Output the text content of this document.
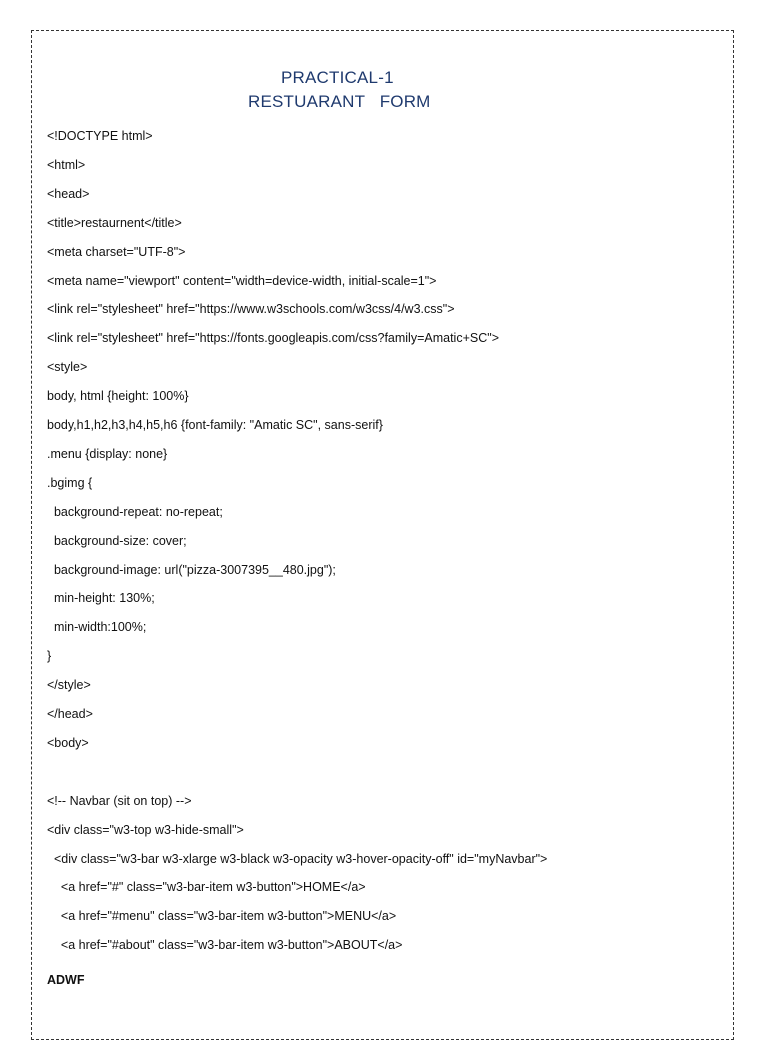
PRACTICAL-1
RESTUARANT   FORM
<!DOCTYPE html>
<html>
<head>
<title>restaurnent</title>
<meta charset="UTF-8">
<meta name="viewport" content="width=device-width, initial-scale=1">
<link rel="stylesheet" href="https://www.w3schools.com/w3css/4/w3.css">
<link rel="stylesheet" href="https://fonts.googleapis.com/css?family=Amatic+SC">
<style>
body, html {height: 100%}
body,h1,h2,h3,h4,h5,h6 {font-family: "Amatic SC", sans-serif}
.menu {display: none}
.bgimg {
background-repeat: no-repeat;
background-size: cover;
background-image: url("pizza-3007395__480.jpg");
min-height: 130%;
min-width:100%;
}
</style>
</head>
<body>
<!-- Navbar (sit on top) -->
<div class="w3-top w3-hide-small">
<div class="w3-bar w3-xlarge w3-black w3-opacity w3-hover-opacity-off" id="myNavbar">
<a href="#" class="w3-bar-item w3-button">HOME</a>
<a href="#menu" class="w3-bar-item w3-button">MENU</a>
<a href="#about" class="w3-bar-item w3-button">ABOUT</a>
ADWF
